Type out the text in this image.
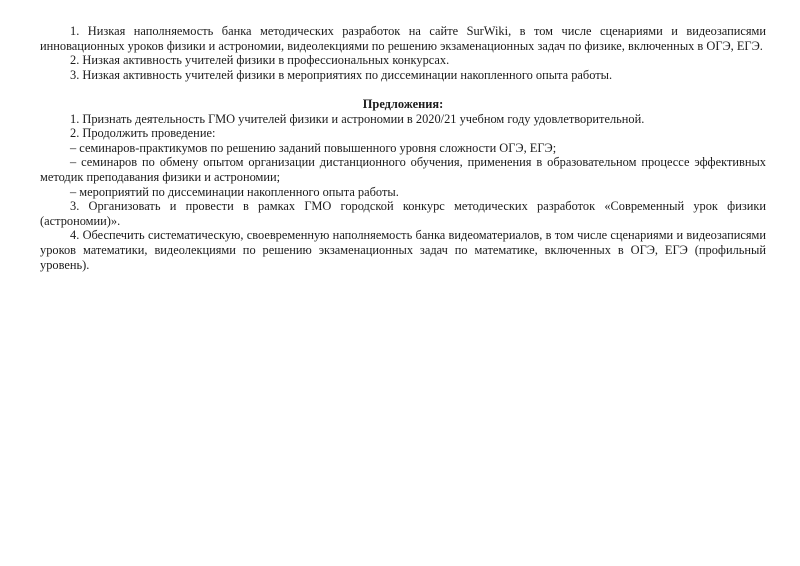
1. Низкая наполняемость банка методических разработок на сайте SurWiki, в том числе сценариями и видеозаписями инновационных уроков физики и астрономии, видеолекциями по решению экзаменационных задач по физике, включенных в ОГЭ, ЕГЭ.

2. Низкая активность учителей физики в профессиональных конкурсах.

3. Низкая активность учителей физики в мероприятиях по диссеминации накопленного опыта работы.

Предложения:

1. Признать деятельность ГМО учителей физики и астрономии в 2020/21 учебном году удовлетворительной.

2. Продолжить проведение:

– семинаров-практикумов по решению заданий повышенного уровня сложности ОГЭ, ЕГЭ;

– семинаров по обмену опытом организации дистанционного обучения, применения в образовательном процессе эффективных методик преподавания физики и астрономии;

– мероприятий по диссеминации накопленного опыта работы.

3. Организовать и провести в рамках ГМО городской конкурс методических разработок «Современный урок физики (астрономии)».

4. Обеспечить систематическую, своевременную наполняемость банка видеоматериалов, в том числе сценариями и видеозаписями уроков математики, видеолекциями по решению экзаменационных задач по математике, включенных в ОГЭ, ЕГЭ (профильный уровень).
